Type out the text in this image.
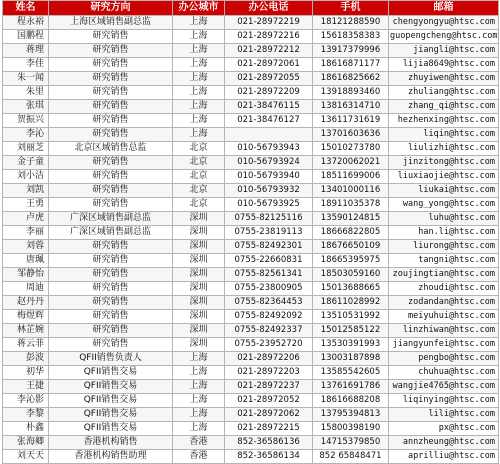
姓名	研究方向	办公城市	办公电话	手机	邮箱
程永裕	上海区域销售副总监	上海	021-28972219	18121288590	chengyongyu@htsc.com
国鹏程	研究销售	上海	021-28972216	15618358383	guopengcheng@htsc.com
蒋理	研究销售	上海	021-28972212	13917379996	jiangli@htsc.com
李佳	研究销售	上海	021-28972061	18616871177	lijia8649@htsc.com
朱一闻	研究销售	上海	021-28972055	18616825662	zhuyiwen@htsc.com
朱里	研究销售	上海	021-28972209	13918893460	zhuliang@htsc.com
张琪	研究销售	上海	021-38476115	13816314710	zhang_qi@htsc.com
贺振兴	研究销售	上海	021-38476127	13611731619	hezhenxing@htsc.com
李沁	研究销售	上海		13701603636	liqin@htsc.com
刘丽芝	北京区域销售总监	北京	010-56793943	15010273780	liulizhi@htsc.com
金子童	研究销售	北京	010-56793924	13720062021	jinzitong@htsc.com
刘小洁	研究销售	北京	010-56793940	18511699006	liuxiaojie@htsc.com
刘凯	研究销售	北京	010-56793932	13401000116	liukai@htsc.com
王勇	研究销售	北京	010-56793925	18911035378	wang_yong@htsc.com
卢虎	广深区域销售副总监	深圳	0755-82125116	13590124815	luhu@htsc.com
李丽	广深区域销售副总监	深圳	0755-23819113	18666822805	han.li@htsc.com
刘蓉	研究销售	深圳	0755-82492301	18676650109	liurong@htsc.com
唐珮	研究销售	深圳	0755-22660831	18665395975	tangni@htsc.com
邹静怡	研究销售	深圳	0755-82561341	18503059160	zoujingtian@htsc.com
周迪	研究销售	深圳	0755-23800905	15013688665	zhoudi@htsc.com
赵丹丹	研究销售	深圳	0755-82364453	18611028992	zodandan@htsc.com
梅煜辉	研究销售	深圳	0755-82492092	13510531992	meiyuhui@htsc.com
林芷婉	研究销售	深圳	0755-82492337	15012585122	linzhiwan@htsc.com
蒋云菲	研究销售	深圳	0755-23952720	13530391993	jiangyunfei@htsc.com
彭波	QFII销售负责人	上海	021-28972206	13003187898	pengbo@htsc.com
初华	QFII销售交易	上海	021-28972203	13585542605	chuhua@htsc.com
王捷	QFII销售交易	上海	021-28972237	13761691786	wangjie4765@htsc.com
李沁影	QFII销售交易	上海	021-28972052	18616688208	liqinying@htsc.com
李黎	QFII销售交易	上海	021-28972062	13795394813	lili@htsc.com
朴鑫	QFII销售交易	上海	021-28972215	15800398190	px@htsc.com
张海卿	香港机构销售	香港	852-36586136	14715379850	annzheung@htsc.com
刘天天	香港机构销售助理	香港	852-36586134	852 65848471	aprilliu@htsc.com
